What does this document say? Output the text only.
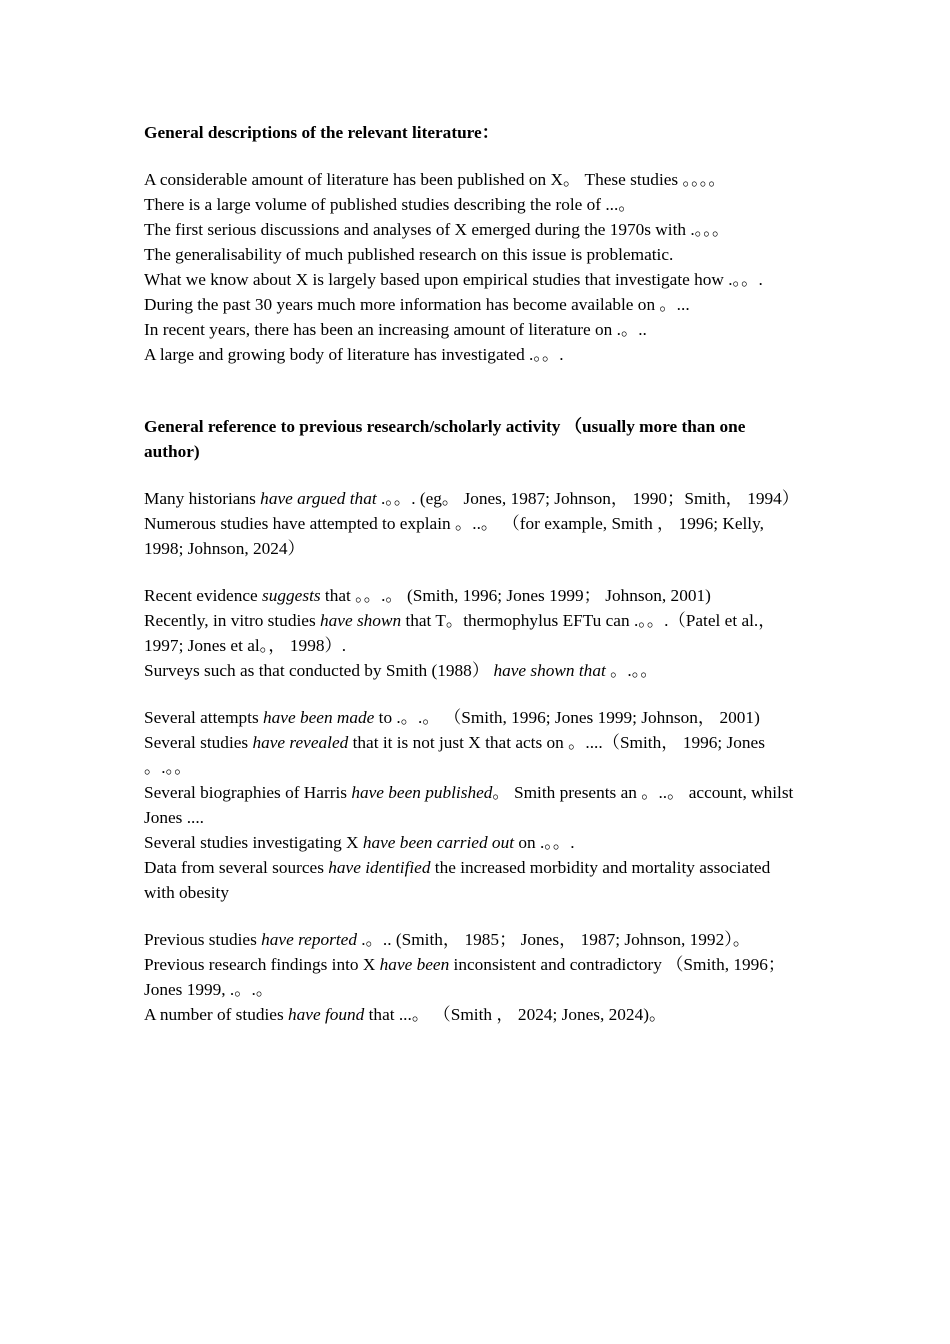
General descriptions of the relevant literature：

A considerable amount of literature has been published on X。 These studies 。。。。

There is a large volume of published studies describing the role of ...。

The first serious discussions and analyses of X emerged during the 1970s with .。。。

The generalisability of much published research on this issue is problematic.

What we know about X is largely based upon empirical studies that investigate how .。。.

During the past 30 years much more information has become available on 。...

In recent years, there has been an increasing amount of literature on .。..

A large and growing body of literature has investigated .。。.

General reference to previous research/scholarly activity （usually more than one author)

Many historians have argued that .。。. (eg。 Jones, 1987; Johnson， 1990；Smith， 1994）

Numerous studies have attempted to explain 。..。 （for example, Smith ， 1996; Kelly, 1998; Johnson, 2024）

Recent evidence suggests that 。。.。 (Smith, 1996; Jones 1999； Johnson, 2001)

Recently, in vitro studies have shown that T。thermophylus EFTu can .。。.（Patel et al.， 1997; Jones et al。， 1998）.

Surveys such as that conducted by Smith (1988） have shown that 。.。。

Several attempts have been made to .。.。 （Smith, 1996; Jones 1999; Johnson， 2001)

Several studies have revealed that it is not just X that acts on 。....（Smith， 1996; Jones 。.。。

Several biographies of Harris have been published。 Smith presents an 。..。 account, whilst Jones ....

Several studies investigating X have been carried out on .。。.

Data from several sources have identified the increased morbidity and mortality associated with obesity

Previous studies have reported .。.. (Smith， 1985； Jones， 1987; Johnson, 1992）。

Previous research findings into X have been inconsistent and contradictory （Smith, 1996； Jones 1999, .。.。

A number of studies have found that ...。 （Smith ， 2024; Jones, 2024)。
